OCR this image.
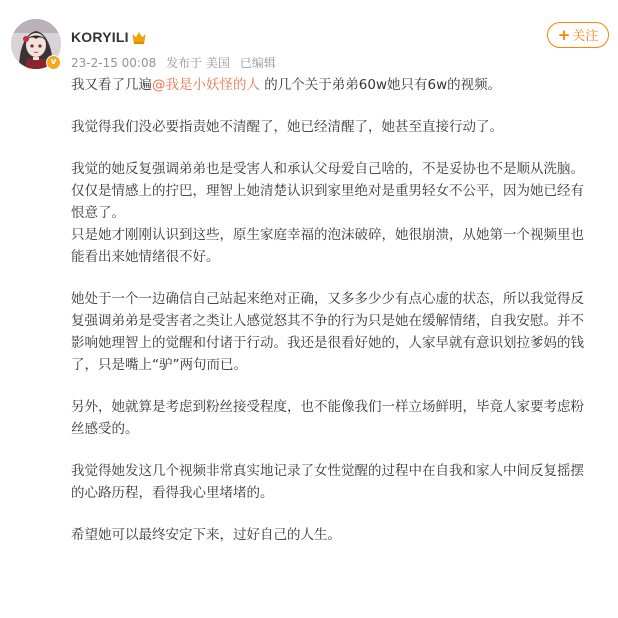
v
KORYILI
23-2-15 00:08 发布于 美国 已编辑
+ 关注

我又看了几遍@我是小妖怪的人 的几个关于弟弟60w她只有6w的视频。

我觉得我们没必要指责她不清醒了，她已经清醒了，她甚至直接行动了。

我觉的她反复强调弟弟也是受害人和承认父母爱自己啥的，不是妥协也不是顺从洗脑。
仅仅是情感上的拧巴，理智上她清楚认识到家里绝对是重男轻女不公平，因为她已经有
恨意了。
只是她才刚刚认识到这些，原生家庭幸福的泡沫破碎，她很崩溃，从她第一个视频里也
能看出来她情绪很不好。

她处于一个一边确信自己站起来绝对正确，又多多少少有点心虚的状态，所以我觉得反
复强调弟弟是受害者之类让人感觉怒其不争的行为只是她在缓解情绪，自我安慰。并不
影响她理智上的觉醒和付诸于行动。我还是很看好她的，人家早就有意识划拉爹妈的钱
了，只是嘴上“驴”两句而已。

另外，她就算是考虑到粉丝接受程度，也不能像我们一样立场鲜明，毕竟人家要考虑粉
丝感受的。

我觉得她发这几个视频非常真实地记录了女性觉醒的过程中在自我和家人中间反复摇摆
的心路历程，看得我心里堵堵的。

希望她可以最终安定下来，过好自己的人生。
